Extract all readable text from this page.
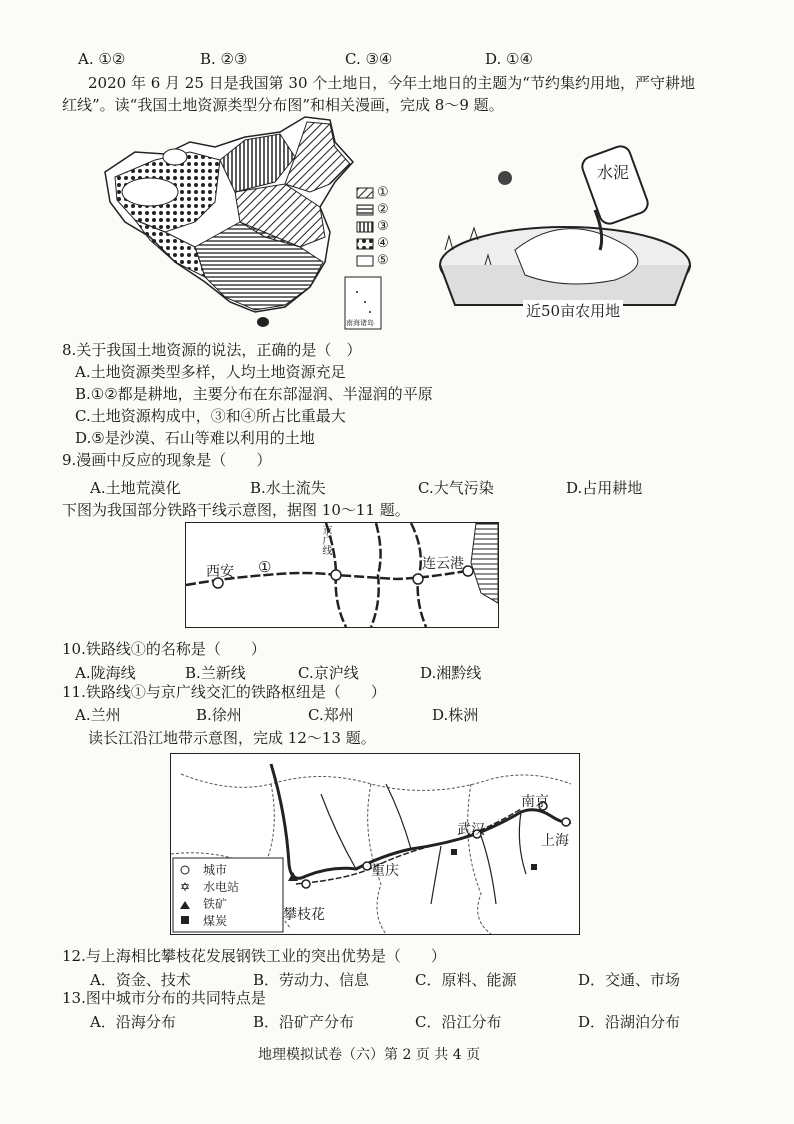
A. ①②	B. ②③	C. ③④	D. ①④
2020 年 6 月 25 日是我国第 30 个土地日，今年土地日的主题为“节约集约用地，严守耕地
红线”。读“我国土地资源类型分布图”和相关漫画，完成 8～9 题。
①
②
③
④
⑤
南海诸岛
水泥
近50亩农用地
8.关于我国土地资源的说法，正确的是（　）
A.土地资源类型多样，人均土地资源充足
B.①②都是耕地，主要分布在东部湿润、半湿润的平原
C.土地资源构成中，③和④所占比重最大
D.⑤是沙漠、石山等难以利用的土地
9.漫画中反应的现象是（　　）
A.土地荒漠化	B.水土流失	C.大气污染	D.占用耕地
下图为我国部分铁路干线示意图，据图 10～11 题。
西安 ①	连云港
京广线
10.铁路线①的名称是（　　）
A.陇海线	B.兰新线	C.京沪线	D.湘黔线
11.铁路线①与京广线交汇的铁路枢纽是（　　）
A.兰州	B.徐州	C.郑州	D.株洲
读长江沿江地带示意图，完成 12～13 题。
✡
南京
上海
武汉
重庆
攀枝花
城市
水电站
铁矿
煤炭
12.与上海相比攀枝花发展钢铁工业的突出优势是（　　）
A．资金、技术	B．劳动力、信息	C．原料、能源	D．交通、市场
13.图中城市分布的共同特点是
A．沿海分布	B．沿矿产分布	C．沿江分布	D．沿湖泊分布
地理模拟试卷（六）第 2 页 共 4 页
